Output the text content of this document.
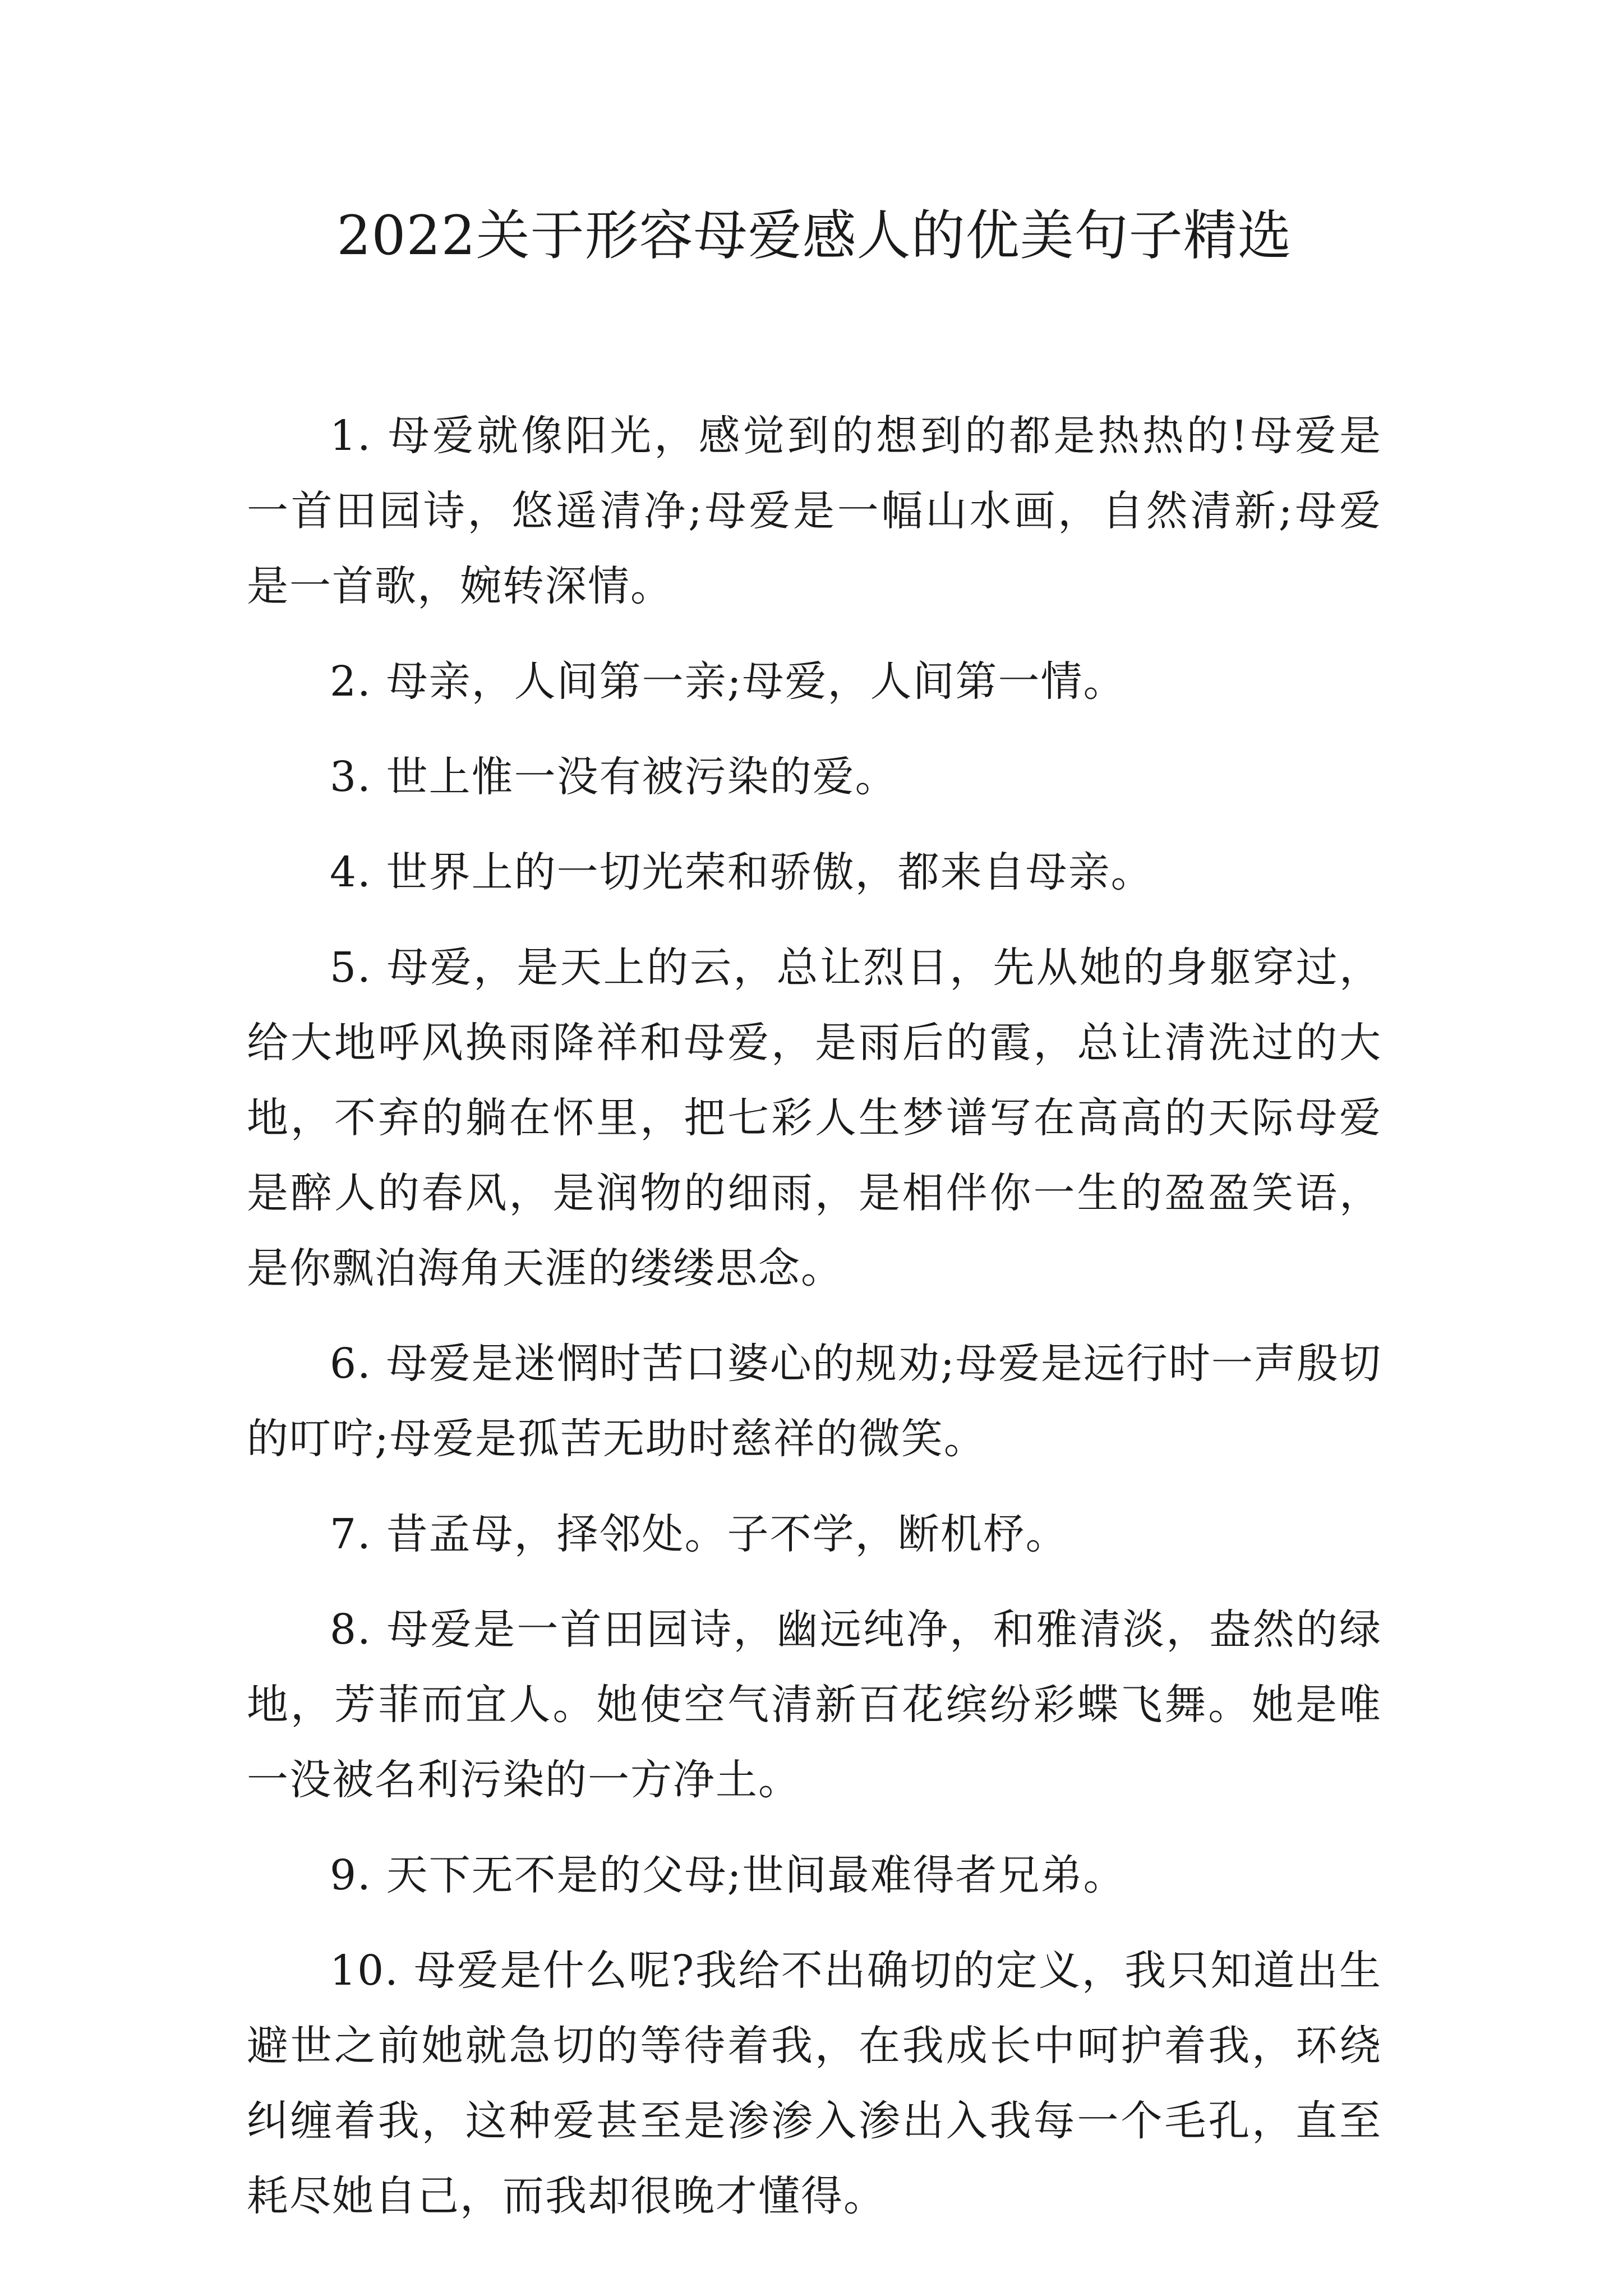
2022关于形容母爱感人的优美句子精选

1. 母爱就像阳光，感觉到的想到的都是热热的!母爱是一首田园诗，悠遥清净;母爱是一幅山水画，自然清新;母爱是一首歌，婉转深情。

2. 母亲，人间第一亲;母爱，人间第一情。

3. 世上惟一没有被污染的爱。

4. 世界上的一切光荣和骄傲，都来自母亲。

5. 母爱，是天上的云，总让烈日，先从她的身躯穿过，给大地呼风换雨降祥和母爱，是雨后的霞，总让清洗过的大地，不弃的躺在怀里，把七彩人生梦谱写在高高的天际母爱是醉人的春风，是润物的细雨，是相伴你一生的盈盈笑语，是你飘泊海角天涯的缕缕思念。

6. 母爱是迷惘时苦口婆心的规劝;母爱是远行时一声殷切的叮咛;母爱是孤苦无助时慈祥的微笑。

7. 昔孟母，择邻处。子不学，断机杼。

8. 母爱是一首田园诗，幽远纯净，和雅清淡，盎然的绿地，芳菲而宜人。她使空气清新百花缤纷彩蝶飞舞。她是唯一没被名利污染的一方净土。

9. 天下无不是的父母;世间最难得者兄弟。

10. 母爱是什么呢?我给不出确切的定义，我只知道出生避世之前她就急切的等待着我，在我成长中呵护着我，环绕纠缠着我，这种爱甚至是渗渗入渗出入我每一个毛孔，直至耗尽她自己，而我却很晚才懂得。
